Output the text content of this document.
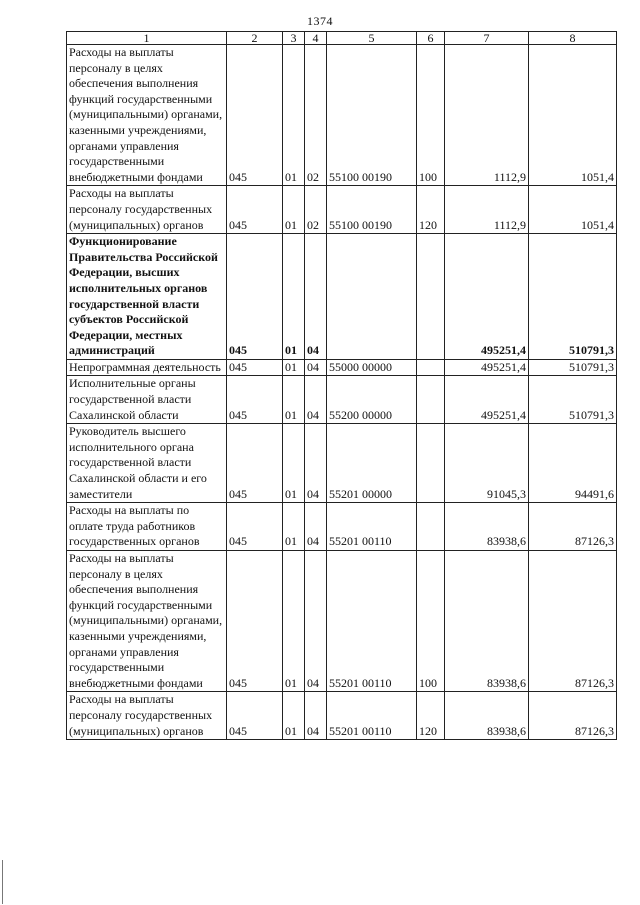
1374
1	2	3	4	5	6	7	8
Расходы на выплаты персоналу в целях обеспечения выполнения функций государственными (муниципальными) органами, казенными учреждениями, органами управления государственными внебюджетными фондами	045	01	02	55100 00190	100	1112,9	1051,4
Расходы на выплаты персоналу государственных (муниципальных) органов	045	01	02	55100 00190	120	1112,9	1051,4
Функционирование Правительства Российской Федерации, высших исполнительных органов государственной власти субъектов Российской Федерации, местных администраций	045	01	04			495251,4	510791,3
Непрограммная деятельность	045	01	04	55000 00000		495251,4	510791,3
Исполнительные органы государственной власти Сахалинской области	045	01	04	55200 00000		495251,4	510791,3
Руководитель высшего исполнительного органа государственной власти Сахалинской области и его заместители	045	01	04	55201 00000		91045,3	94491,6
Расходы на выплаты по оплате труда работников государственных органов	045	01	04	55201 00110		83938,6	87126,3
Расходы на выплаты персоналу в целях обеспечения выполнения функций государственными (муниципальными) органами, казенными учреждениями, органами управления государственными внебюджетными фондами	045	01	04	55201 00110	100	83938,6	87126,3
Расходы на выплаты персоналу государственных (муниципальных) органов	045	01	04	55201 00110	120	83938,6	87126,3
